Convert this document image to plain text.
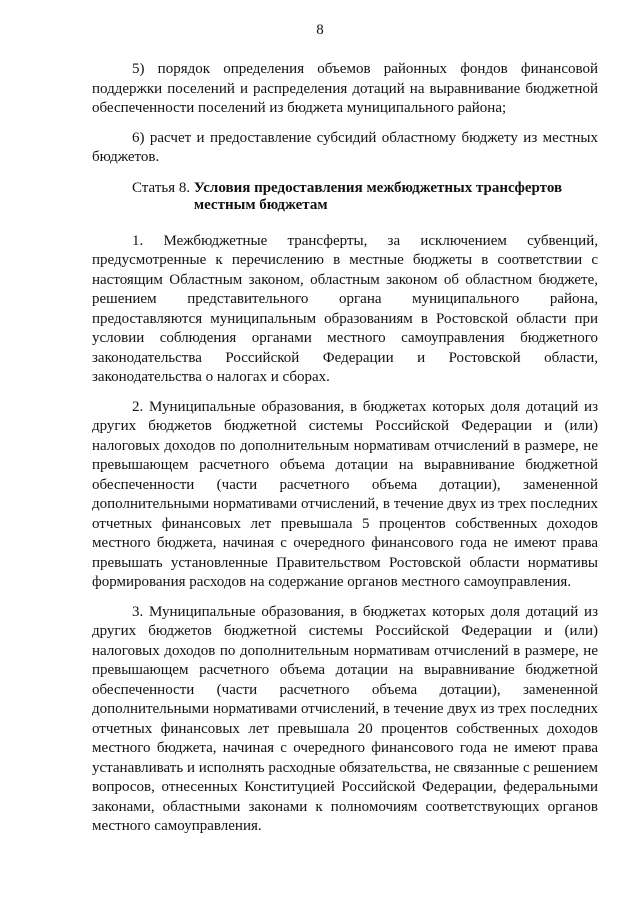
8

5) порядок определения объемов районных фондов финансовой поддержки поселений и распределения дотаций на выравнивание бюджетной обеспеченности поселений из бюджета муниципального района;

6) расчет и предоставление субсидий областному бюджету из местных бюджетов.

Статья 8. Условия предоставления межбюджетных трансфертов местным бюджетам

1. Межбюджетные трансферты, за исключением субвенций, предусмотренные к перечислению в местные бюджеты в соответствии с настоящим Областным законом, областным законом об областном бюджете, решением представительного органа муниципального района, предоставляются муниципальным образованиям в Ростовской области при условии соблюдения органами местного самоуправления бюджетного законодательства Российской Федерации и Ростовской области, законодательства о налогах и сборах.

2. Муниципальные образования, в бюджетах которых доля дотаций из других бюджетов бюджетной системы Российской Федерации и (или) налоговых доходов по дополнительным нормативам отчислений в размере, не превышающем расчетного объема дотации на выравнивание бюджетной обеспеченности (части расчетного объема дотации), замененной дополнительными нормативами отчислений, в течение двух из трех последних отчетных финансовых лет превышала 5 процентов собственных доходов местного бюджета, начиная с очередного финансового года не имеют права превышать установленные Правительством Ростовской области нормативы формирования расходов на содержание органов местного самоуправления.

3. Муниципальные образования, в бюджетах которых доля дотаций из других бюджетов бюджетной системы Российской Федерации и (или) налоговых доходов по дополнительным нормативам отчислений в размере, не превышающем расчетного объема дотации на выравнивание бюджетной обеспеченности (части расчетного объема дотации), замененной дополнительными нормативами отчислений, в течение двух из трех последних отчетных финансовых лет превышала 20 процентов собственных доходов местного бюджета, начиная с очередного финансового года не имеют права устанавливать и исполнять расходные обязательства, не связанные с решением вопросов, отнесенных Конституцией Российской Федерации, федеральными законами, областными законами к полномочиям соответствующих органов местного самоуправления.
